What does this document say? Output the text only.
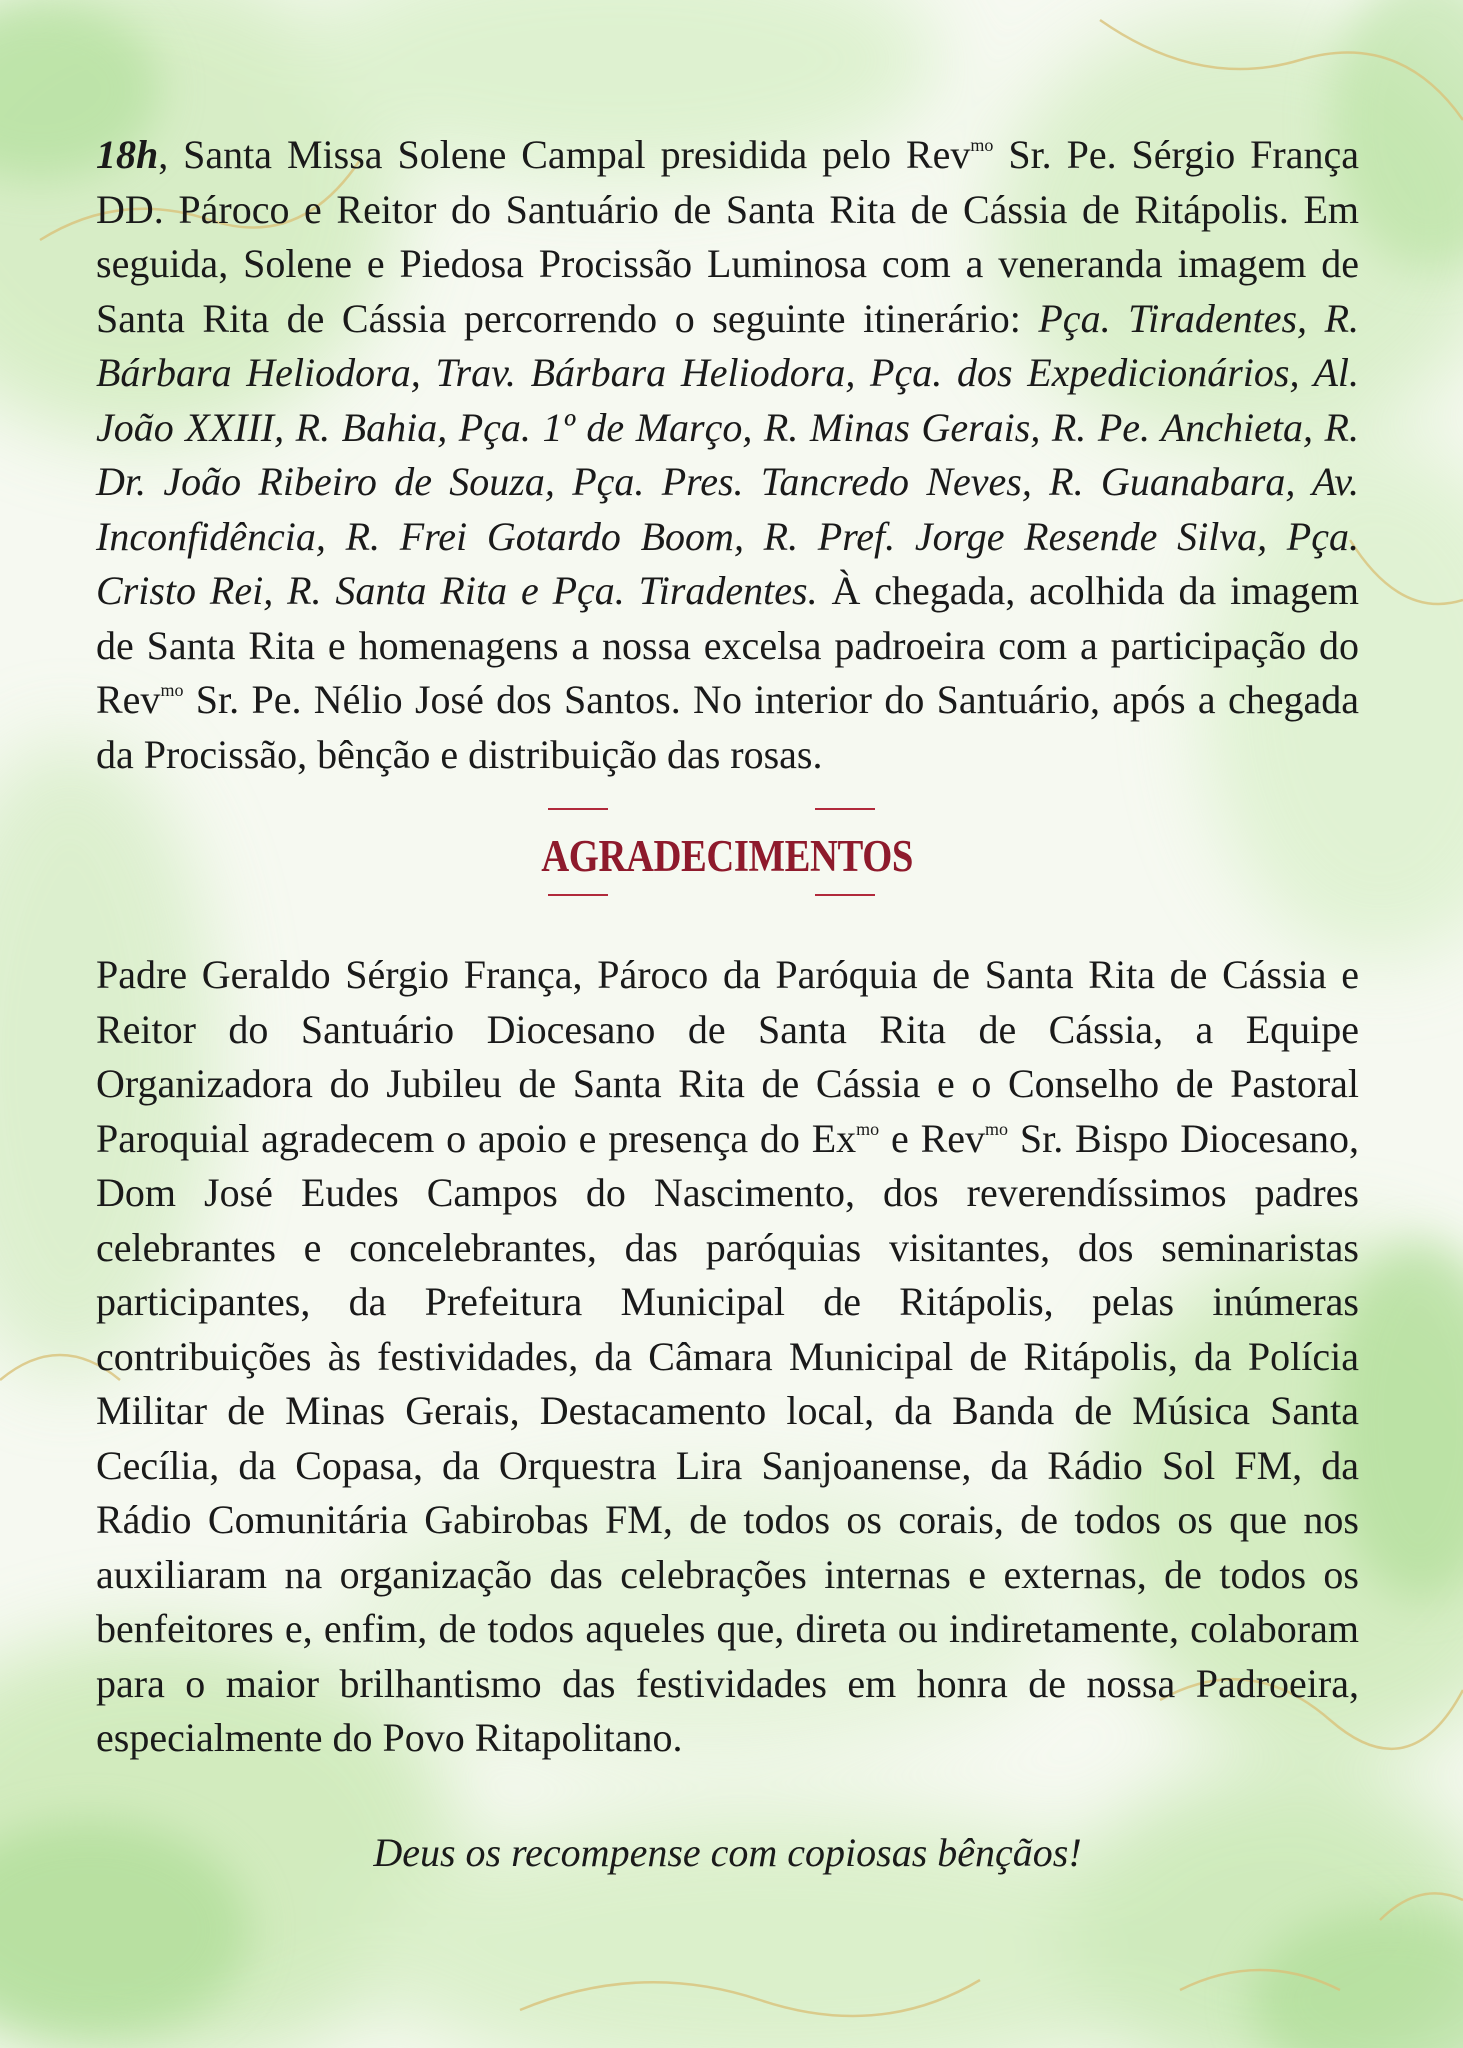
18h, Santa Missa Solene Campal presidida pelo Rev$^{mo}$ Sr. Pe. Sérgio França DD. Pároco e Reitor do Santuário de Santa Rita de Cássia de Ritápolis. Em seguida, Solene e Piedosa Procissão Luminosa com a veneranda imagem de Santa Rita de Cássia percorrendo o seguinte itinerário: Pça. Tiradentes, R. Bárbara Heliodora, Trav. Bárbara Heliodora, Pça. dos Expedicionários, Al. João XXIII, R. Bahia, Pça. 1º de Março, R. Minas Gerais, R. Pe. Anchieta, R. Dr. João Ribeiro de Souza, Pça. Pres. Tancredo Neves, R. Guanabara, Av. Inconfidência, R. Frei Gotardo Boom, R. Pref. Jorge Resende Silva, Pça. Cristo Rei, R. Santa Rita e Pça. Tiradentes. À chegada, acolhida da imagem de Santa Rita e homenagens a nossa excelsa padroeira com a participação do Rev$^{mo}$ Sr. Pe. Nélio José dos Santos. No interior do Santuário, após a chegada da Procissão, bênção e distribuição das rosas.

AGRADECIMENTOS

Padre Geraldo Sérgio França, Pároco da Paróquia de Santa Rita de Cássia e Reitor do Santuário Diocesano de Santa Rita de Cássia, a Equipe Organizadora do Jubileu de Santa Rita de Cássia e o Conselho de Pastoral Paroquial agradecem o apoio e presença do $Ex^{mo}$ e Rev$^{mo}$ Sr. Bispo Diocesano, Dom José Eudes Campos do Nascimento, dos reverendíssimos padres celebrantes e concelebrantes, das paróquias visitantes, dos seminaristas participantes, da Prefeitura Municipal de Ritápolis, pelas inúmeras contribuições às festividades, da Câmara Municipal de Ritápolis, da Polícia Militar de Minas Gerais, Destacamento local, da Banda de Música Santa Cecília, da Copasa, da Orquestra Lira Sanjoanense, da Rádio Sol FM, da Rádio Comunitária Gabirobas FM, de todos os corais, de todos os que nos auxiliaram na organização das celebrações internas e externas, de todos os benfeitores e, enfim, de todos aqueles que, direta ou indiretamente, colaboram para o maior brilhantismo das festividades em honra de nossa Padroeira, especialmente do Povo Ritapolitano.

Deus os recompense com copiosas bênçãos!
